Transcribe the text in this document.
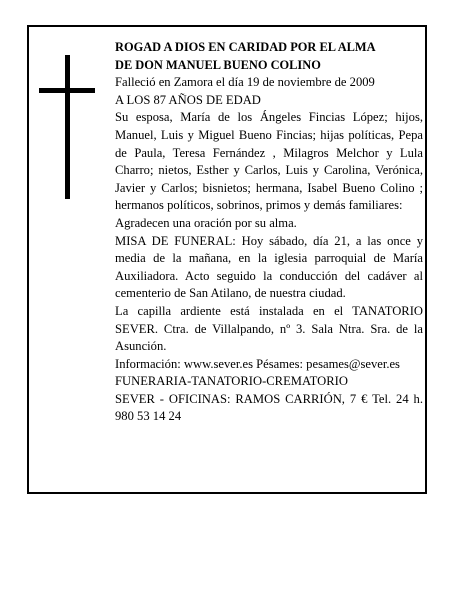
ROGAD A DIOS EN CARIDAD POR EL ALMA

DE DON MANUEL BUENO COLINO

Falleció en Zamora el día 19 de noviembre de 2009

A LOS 87 AÑOS DE EDAD

Su esposa, María de los Ángeles Fincias López; hijos, Manuel, Luis y Miguel Bueno Fincias; hijas políticas, Pepa de Paula, Teresa Fernández , Milagros Melchor y Lula Charro; nietos, Esther y Carlos, Luis y Carolina, Verónica, Javier y Carlos; bisnietos; hermana, Isabel Bueno Colino ; hermanos políticos, sobrinos, primos y demás familiares:

Agradecen una oración por su alma.

MISA DE FUNERAL: Hoy sábado, día 21, a las once y media de la mañana, en la iglesia parroquial de María Auxiliadora. Acto seguido la conducción del cadáver al cementerio de San Atilano, de nuestra ciudad.

La capilla ardiente está instalada en el TANATORIO SEVER. Ctra. de Villalpando, nº 3. Sala Ntra. Sra. de la Asunción.

Información: www.sever.es Pésames: pesames@sever.es

FUNERARIA-TANATORIO-CREMATORIO

SEVER - OFICINAS: RAMOS CARRIÓN, 7 € Tel. 24 h. 980 53 14 24
